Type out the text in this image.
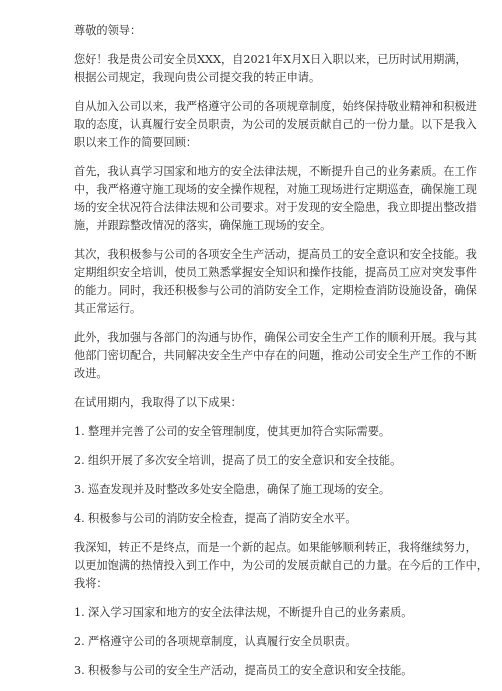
尊敬的领导：

您好！我是贵公司安全员XXX，自2021年X月X日入职以来，已历时试用期满，
根据公司规定，我现向贵公司提交我的转正申请。

自从加入公司以来，我严格遵守公司的各项规章制度，始终保持敬业精神和积极进
取的态度，认真履行安全员职责，为公司的发展贡献自己的一份力量。以下是我入
职以来工作的简要回顾：

首先，我认真学习国家和地方的安全法律法规，不断提升自己的业务素质。在工作
中，我严格遵守施工现场的安全操作规程，对施工现场进行定期巡查，确保施工现
场的安全状况符合法律法规和公司要求。对于发现的安全隐患，我立即提出整改措
施，并跟踪整改情况的落实，确保施工现场的安全。

其次，我积极参与公司的各项安全生产活动，提高员工的安全意识和安全技能。我
定期组织安全培训，使员工熟悉掌握安全知识和操作技能，提高员工应对突发事件
的能力。同时，我还积极参与公司的消防安全工作，定期检查消防设施设备，确保
其正常运行。

此外，我加强与各部门的沟通与协作，确保公司安全生产工作的顺利开展。我与其
他部门密切配合，共同解决安全生产中存在的问题，推动公司安全生产工作的不断
改进。

在试用期内，我取得了以下成果：

1. 整理并完善了公司的安全管理制度，使其更加符合实际需要。
2. 组织开展了多次安全培训，提高了员工的安全意识和安全技能。
3. 巡查发现并及时整改多处安全隐患，确保了施工现场的安全。
4. 积极参与公司的消防安全检查，提高了消防安全水平。

我深知，转正不是终点，而是一个新的起点。如果能够顺利转正，我将继续努力，
以更加饱满的热情投入到工作中，为公司的发展贡献自己的力量。在今后的工作中，
我将：

1. 深入学习国家和地方的安全法律法规，不断提升自己的业务素质。
2. 严格遵守公司的各项规章制度，认真履行安全员职责。
3. 积极参与公司的安全生产活动，提高员工的安全意识和安全技能。
